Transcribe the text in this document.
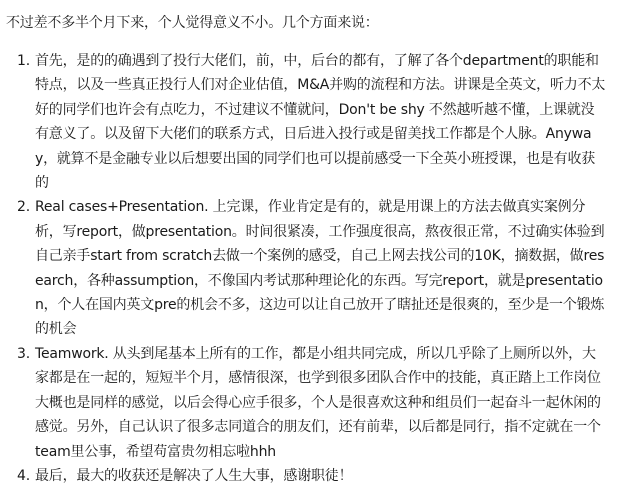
不过差不多半个月下来，个人觉得意义不小。几个方面来说：

1. 首先，是的的确遇到了投行大佬们，前，中，后台的都有，了解了各个department的职能和特点，以及一些真正投行人们对企业估值，M&A并购的流程和方法。讲课是全英文，听力不太好的同学们也许会有点吃力，不过建议不懂就问，Don't be shy 不然越听越不懂，上课就没有意义了。以及留下大佬们的联系方式，日后进入投行或是留美找工作都是个人脉。Anyway，就算不是金融专业以后想要出国的同学们也可以提前感受一下全英小班授课，也是有收获的
2. Real cases+Presentation. 上完课，作业肯定是有的，就是用课上的方法去做真实案例分析，写report，做presentation。时间很紧凑，工作强度很高，熬夜很正常，不过确实体验到自己亲手start from scratch去做一个案例的感受，自己上网去找公司的10K，摘数据，做research，各种assumption，不像国内考试那种理论化的东西。写完report，就是presentation，个人在国内英文pre的机会不多，这边可以让自己放开了瞎扯还是很爽的，至少是一个锻炼的机会
3. Teamwork. 从头到尾基本上所有的工作，都是小组共同完成，所以几乎除了上厕所以外，大家都是在一起的，短短半个月，感情很深，也学到很多团队合作中的技能，真正踏上工作岗位大概也是同样的感觉，以后会得心应手很多，个人是很喜欢这种和组员们一起奋斗一起休闲的感觉。另外，自己认识了很多志同道合的朋友们，还有前辈，以后都是同行，指不定就在一个team里公事，希望苟富贵勿相忘啦hhh
4. 最后，最大的收获还是解决了人生大事，感谢职徒！
